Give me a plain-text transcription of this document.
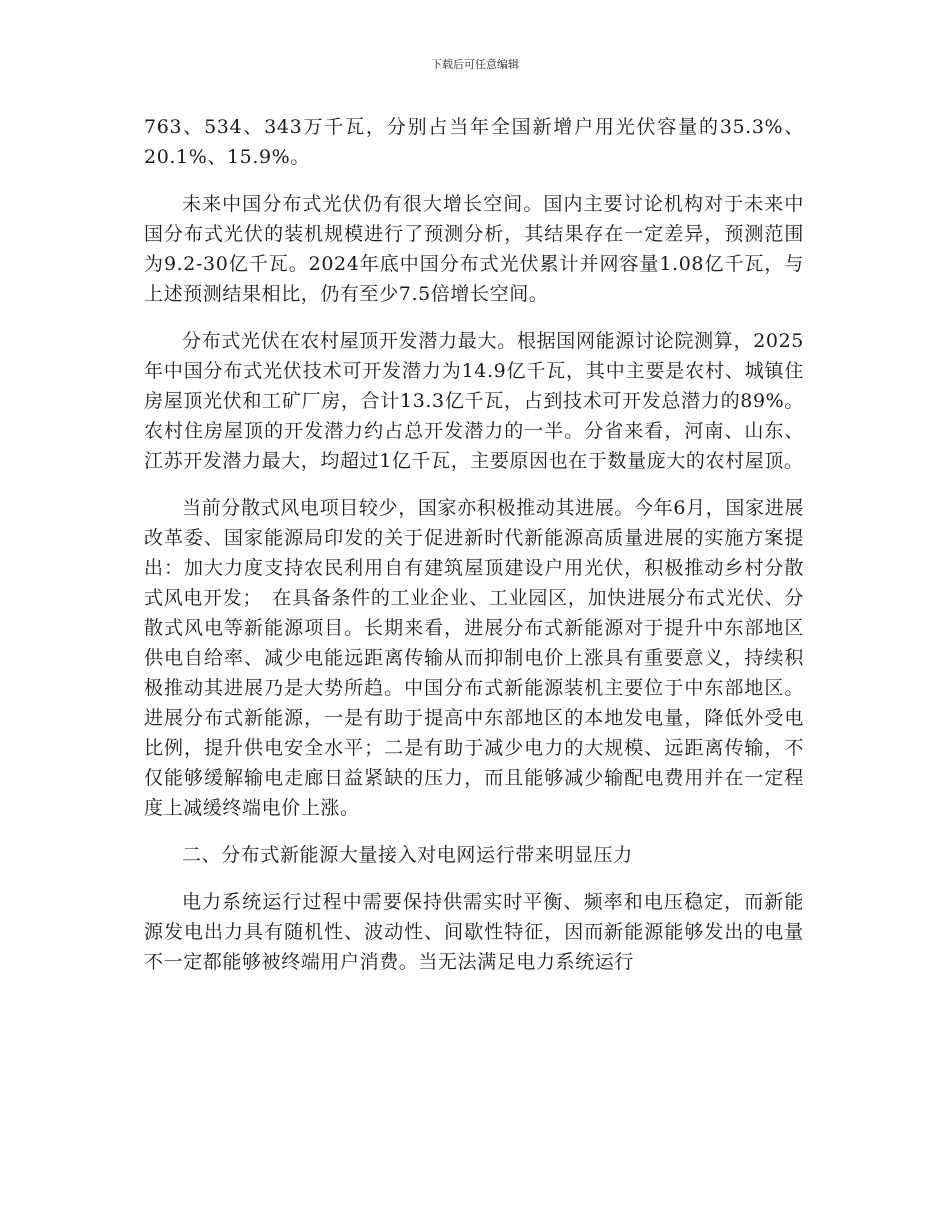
下载后可任意编辑

763、534、343万千瓦，分别占当年全国新增户用光伏容量的35.3%、20.1%、15.9%。

未来中国分布式光伏仍有很大增长空间。国内主要讨论机构对于未来中国分布式光伏的装机规模进行了预测分析，其结果存在一定差异，预测范围为9.2-30亿千瓦。2024年底中国分布式光伏累计并网容量1.08亿千瓦，与上述预测结果相比，仍有至少7.5倍增长空间。

分布式光伏在农村屋顶开发潜力最大。根据国网能源讨论院测算，2025年中国分布式光伏技术可开发潜力为14.9亿千瓦，其中主要是农村、城镇住房屋顶光伏和工矿厂房，合计13.3亿千瓦，占到技术可开发总潜力的89%。农村住房屋顶的开发潜力约占总开发潜力的一半。分省来看，河南、山东、江苏开发潜力最大，均超过1亿千瓦，主要原因也在于数量庞大的农村屋顶。

当前分散式风电项目较少，国家亦积极推动其进展。今年6月，国家进展改革委、国家能源局印发的关于促进新时代新能源高质量进展的实施方案提出：加大力度支持农民利用自有建筑屋顶建设户用光伏，积极推动乡村分散式风电开发；　在具备条件的工业企业、工业园区，加快进展分布式光伏、分散式风电等新能源项目。长期来看，进展分布式新能源对于提升中东部地区供电自给率、减少电能远距离传输从而抑制电价上涨具有重要意义，持续积极推动其进展乃是大势所趋。中国分布式新能源装机主要位于中东部地区。进展分布式新能源，一是有助于提高中东部地区的本地发电量，降低外受电比例，提升供电安全水平；二是有助于减少电力的大规模、远距离传输，不仅能够缓解输电走廊日益紧缺的压力，而且能够减少输配电费用并在一定程度上减缓终端电价上涨。

二、分布式新能源大量接入对电网运行带来明显压力

电力系统运行过程中需要保持供需实时平衡、频率和电压稳定，而新能源发电出力具有随机性、波动性、间歇性特征，因而新能源能够发出的电量不一定都能够被终端用户消费。当无法满足电力系统运行
